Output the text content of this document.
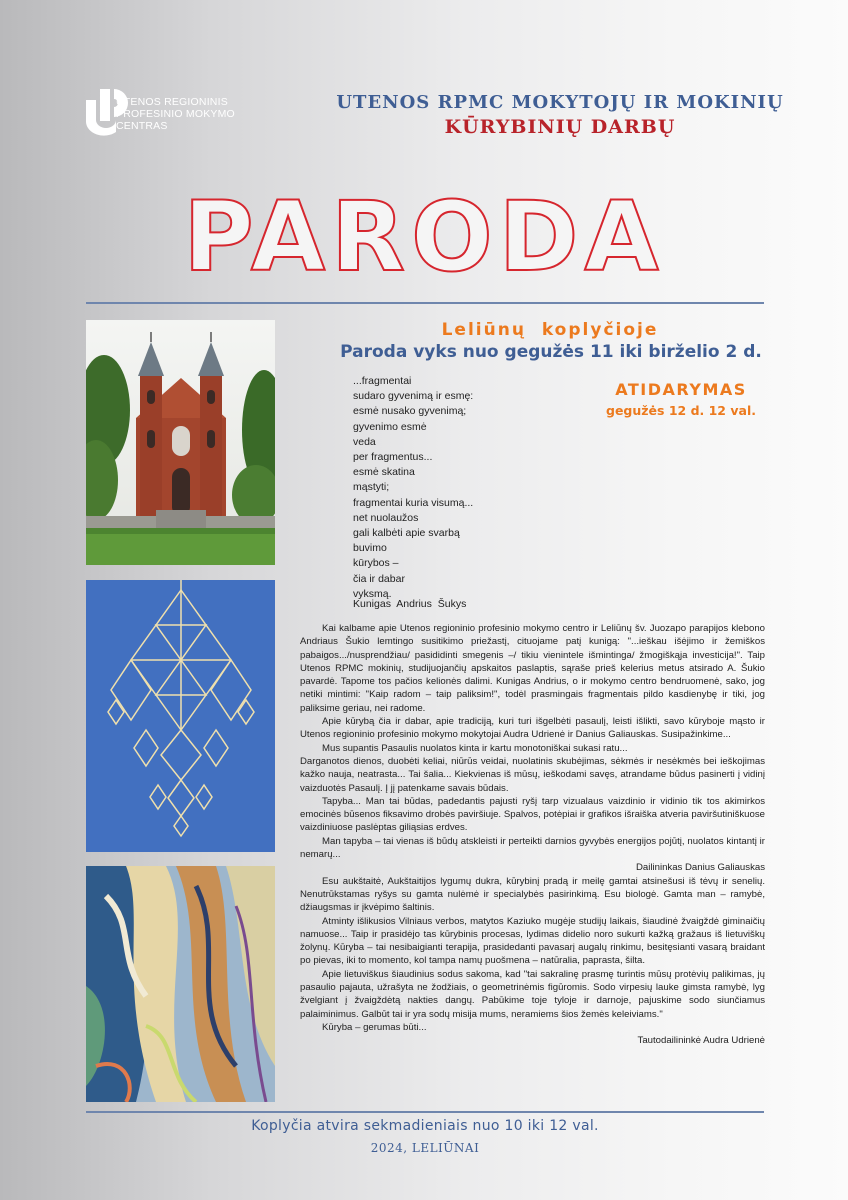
UTENOS REGIONINIS
PROFESINIO MOKYMO
CENTRAS
UTENOS RPMC MOKYTOJŲ IR MOKINIŲ
KŪRYBINIŲ DARBŲ
PARODA
Leliūnų koplyčioje
Paroda vyks nuo gegužės 11 iki birželio 2 d.
...fragmentai
sudaro gyvenimą ir esmę:
esmė nusako gyvenimą;
gyvenimo esmė
veda
per fragmentus...
esmė skatina
mąstyti;
fragmentai kuria visumą...
net nuolaužos
gali kalbėti apie svarbą
buvimo
kūrybos –
čia ir dabar
vyksmą.
ATIDARYMAS
gegužės 12 d. 12 val.
Kunigas Andrius Šukys

Kai kalbame apie Utenos regioninio profesinio mokymo centro ir Leliūnų šv. Juozapo parapijos klebono Andriaus Šukio lemtingo susitikimo priežastį, cituojame patį kunigą: "...ieškau išėjimo ir žemiškos pabaigos.../nusprendžiau/ pasididinti smegenis –/ tikiu vienintele išmintinga/ žmogiškąja investicija!". Taip Utenos RPMC mokinių, studijuojančių apskaitos paslaptis, sąraše prieš kelerius metus atsirado A. Šukio pavardė. Tapome tos pačios kelionės dalimi. Kunigas Andrius, o ir mokymo centro bendruomenė, sako, jog netiki mintimi: "Kaip radom – taip paliksim!", todėl prasmingais fragmentais pildo kasdienybę ir tiki, jog paliksime geriau, nei radome.

Apie kūrybą čia ir dabar, apie tradiciją, kuri turi išgelbėti pasaulį, leisti išlikti, savo kūryboje mąsto ir Utenos regioninio profesinio mokymo mokytojai Audra Udrienė ir Danius Galiauskas. Susipažinkime...

Mus supantis Pasaulis nuolatos kinta ir kartu monotoniškai sukasi ratu...

Darganotos dienos, duobėti keliai, niūrūs veidai, nuolatinis skubėjimas, sėkmės ir nesėkmės bei ieškojimas kažko nauja, neatrasta... Tai šalia... Kiekvienas iš mūsų, ieškodami savęs, atrandame būdus pasinerti į vidinį vaizduotės Pasaulį. Į jį patenkame savais būdais.

Tapyba... Man tai būdas, padedantis pajusti ryšį tarp vizualaus vaizdinio ir vidinio tik tos akimirkos emocinės būsenos fiksavimo drobės paviršiuje. Spalvos, potėpiai ir grafikos išraiška atveria paviršutiniškuose vaizdiniuose paslėptas giliąsias erdves.

Man tapyba – tai vienas iš būdų atskleisti ir perteikti darnios gyvybės energijos pojūtį, nuolatos kintantį ir nemarų...

Dailininkas Danius Galiauskas

Esu aukštaitė, Aukštaitijos lygumų dukra, kūrybinį pradą ir meilę gamtai atsinešusi iš tėvų ir senelių. Nenutrūkstamas ryšys su gamta nulėmė ir specialybės pasirinkimą. Esu biologė. Gamta man – ramybė, džiaugsmas ir įkvėpimo šaltinis.

Atminty išlikusios Vilniaus verbos, matytos Kaziuko mugėje studijų laikais, šiaudinė žvaigždė giminaičių namuose... Taip ir prasidėjo tas kūrybinis procesas, lydimas didelio noro sukurti kažką gražaus iš lietuviškų žolynų. Kūryba – tai nesibaigianti terapija, prasidedanti pavasarį augalų rinkimu, besitęsianti vasarą braidant po pievas, iki to momento, kol tampa namų puošmena – natūralia, paprasta, šilta.

Apie lietuviškus šiaudinius sodus sakoma, kad "tai sakralinę prasmę turintis mūsų protėvių palikimas, jų pasaulio pajauta, užrašyta ne žodžiais, o geometrinėmis figūromis. Sodo virpesių lauke gimsta ramybė, lyg žvelgiant į žvaigždėtą nakties dangų. Pabūkime toje tyloje ir darnoje, pajuskime sodo siunčiamus palaiminimus. Galbūt tai ir yra sodų misija mums, neramiems šios žemės keleiviams."

Kūryba – gerumas būti...

Tautodailininkė Audra Udrienė

Koplyčia atvira sekmadieniais nuo 10 iki 12 val.
2024, LELIŪNAI
